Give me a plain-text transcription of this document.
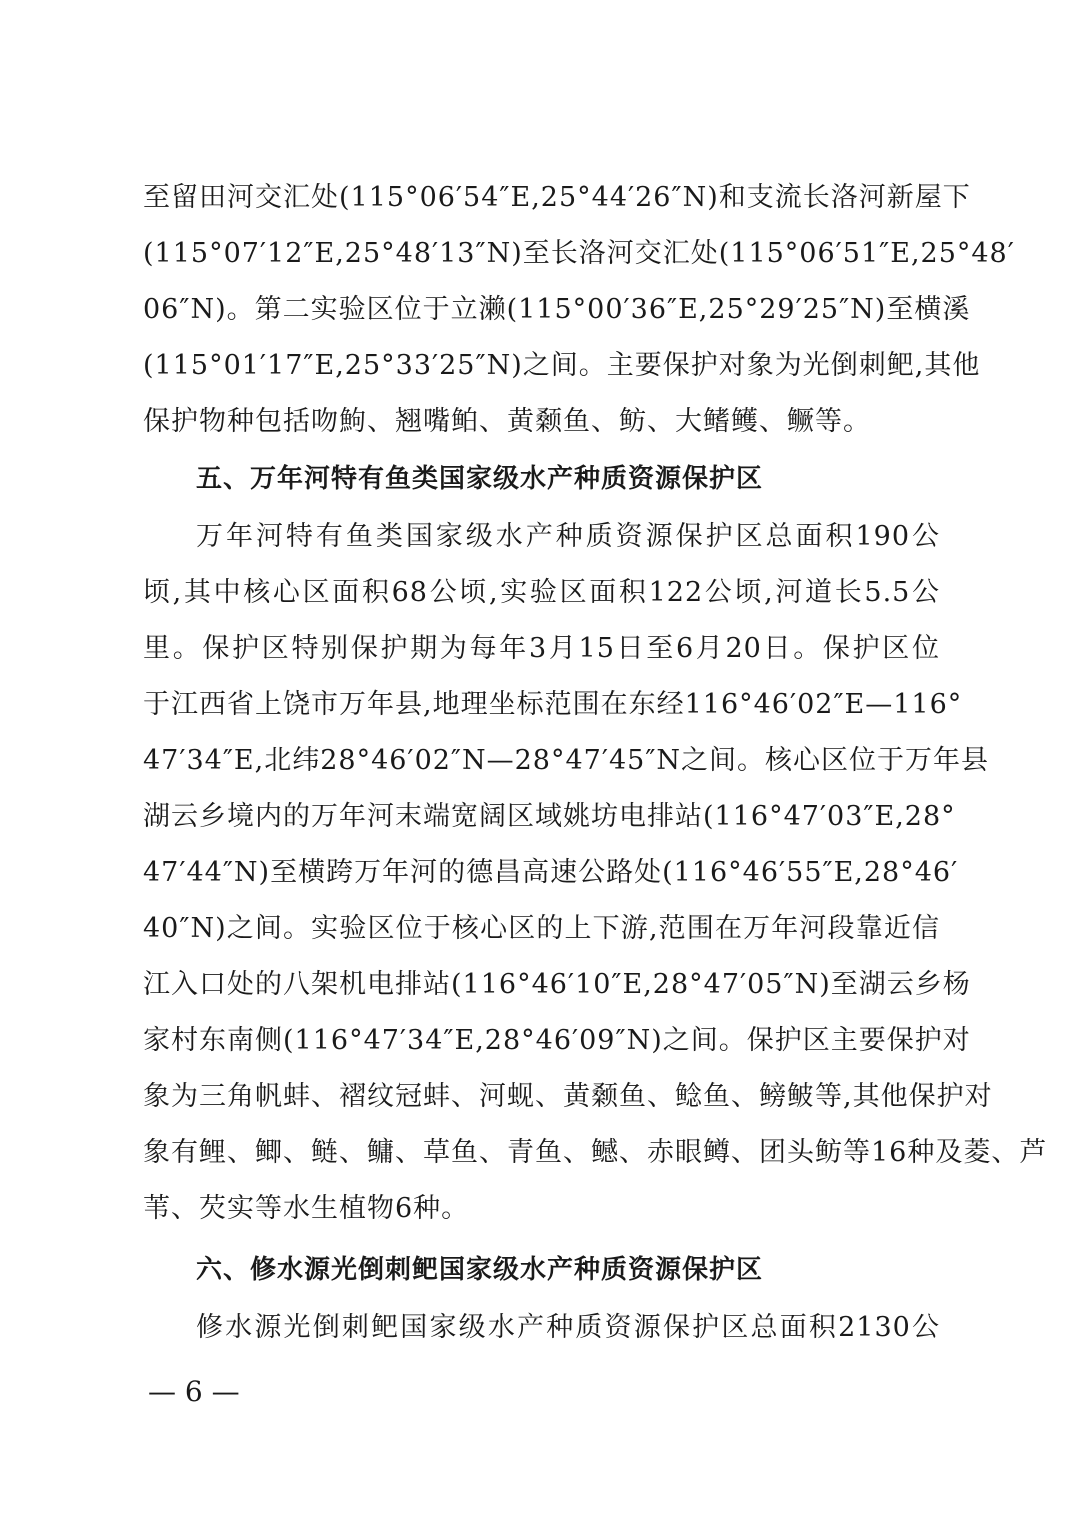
至留田河交汇处(115°06′54″E,25°44′26″N)和支流长洛河新屋下
(115°07′12″E,25°48′13″N)至长洛河交汇处(115°06′51″E,25°48′
06″N)。第二实验区位于立濑(115°00′36″E,25°29′25″N)至横溪
(115°01′17″E,25°33′25″N)之间。主要保护对象为光倒刺鲃,其他
保护物种包括吻鮈、翘嘴鲌、黄颡鱼、鲂、大鳍鳠、鳜等。
五、万年河特有鱼类国家级水产种质资源保护区
万年河特有鱼类国家级水产种质资源保护区总面积190公
顷,其中核心区面积68公顷,实验区面积122公顷,河道长5.5公
里。保护区特别保护期为每年3月15日至6月20日。保护区位
于江西省上饶市万年县,地理坐标范围在东经116°46′02″E—116°
47′34″E,北纬28°46′02″N—28°47′45″N之间。核心区位于万年县
湖云乡境内的万年河末端宽阔区域姚坊电排站(116°47′03″E,28°
47′44″N)至横跨万年河的德昌高速公路处(116°46′55″E,28°46′
40″N)之间。实验区位于核心区的上下游,范围在万年河段靠近信
江入口处的八架机电排站(116°46′10″E,28°47′05″N)至湖云乡杨
家村东南侧(116°47′34″E,28°46′09″N)之间。保护区主要保护对
象为三角帆蚌、褶纹冠蚌、河蚬、黄颡鱼、鲶鱼、鳑鲏等,其他保护对
象有鲤、鲫、鲢、鳙、草鱼、青鱼、鳡、赤眼鳟、团头鲂等16种及菱、芦
苇、芡实等水生植物6种。
六、修水源光倒刺鲃国家级水产种质资源保护区
修水源光倒刺鲃国家级水产种质资源保护区总面积2130公
— 6 —
